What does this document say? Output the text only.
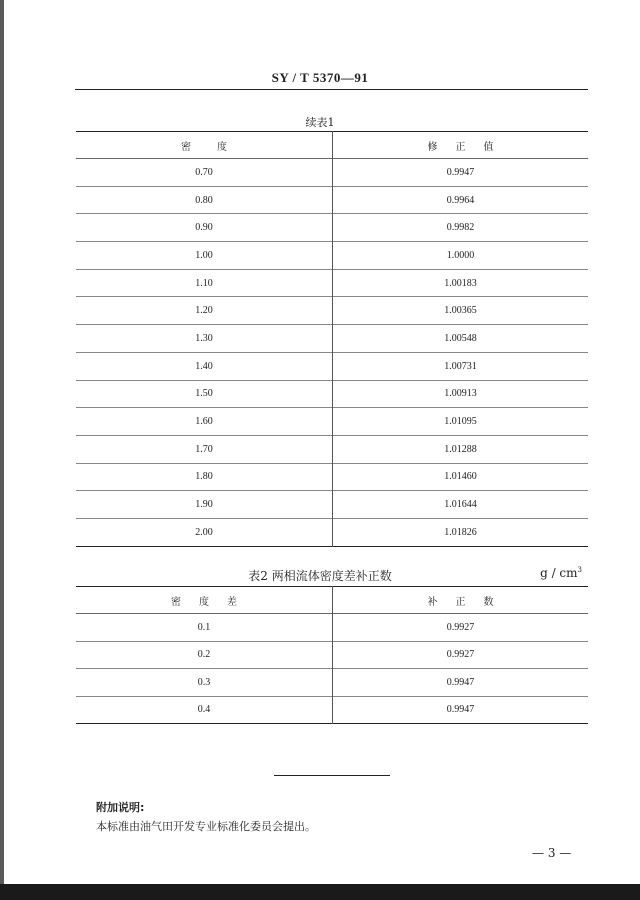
SY / T 5370—91
续表1
密度	修正值
0.70	0.9947
0.80	0.9964
0.90	0.9982
1.00	1.0000
1.10	1.00183
1.20	1.00365
1.30	1.00548
1.40	1.00731
1.50	1.00913
1.60	1.01095
1.70	1.01288
1.80	1.01460
1.90	1.01644
2.00	1.01826
表2 两相流体密度差补正数	g / $cm^3$
密度差	补正数
0.1	0.9927
0.2	0.9927
0.3	0.9947
0.4	0.9947
附加说明:
本标准由油气田开发专业标准化委员会提出。
— 3 —
